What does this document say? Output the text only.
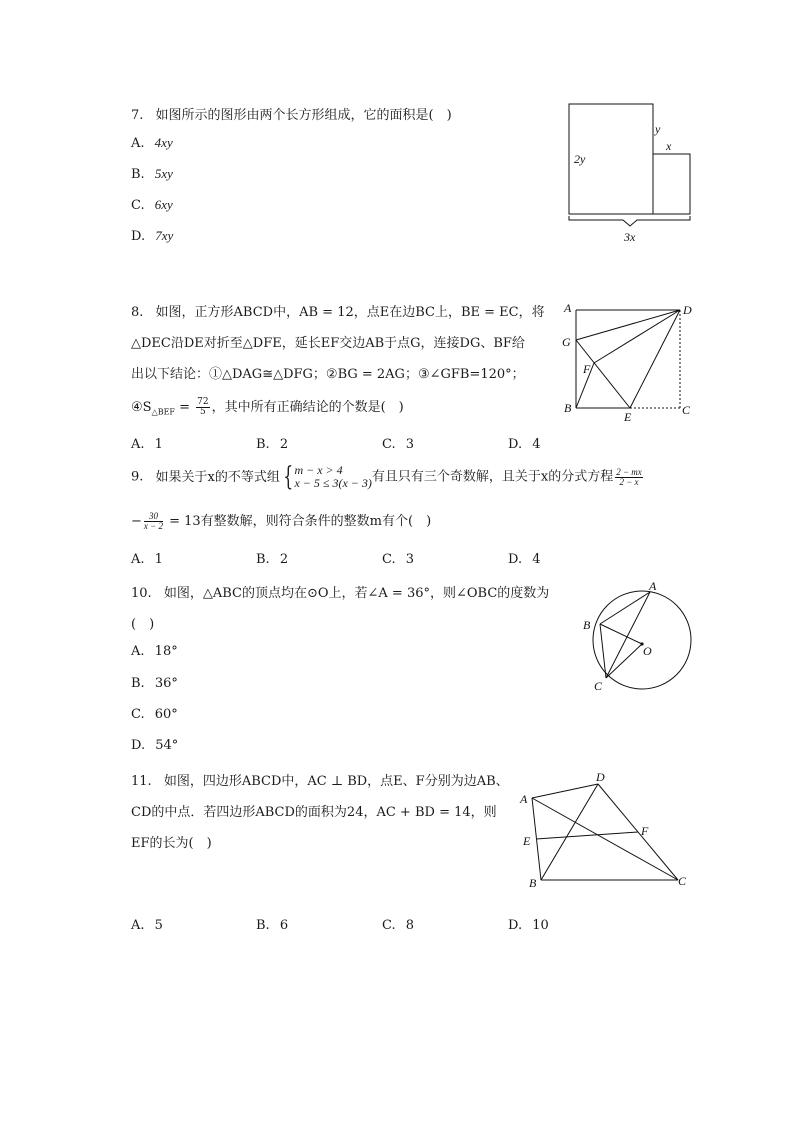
7. 如图所示的图形由两个长方形组成，它的面积是(　)
A. 4xy
B. 5xy
C. 6xy
D. 7xy
y
x
2y
3x
8. 如图，正方形ABCD中，AB = 12，点E在边BC上，BE = EC，将
△DEC沿DE对折至△DFE，延长EF交边AB于点G，连接DG、BF给
出以下结论：①△DAG≅△DFG；②BG = 2AG；③∠GFB=120°；
$④S_{\triangle BEF} = \frac{72}{5}$ ，其中所有正确结论的个数是(　)
A. 1	B. 2	C. 3	D. 4
A	D
G
F
B
E	C
9. 如果关于x的不等式组 { m − x > 4
x − 5 ≤ 3(x − 3) 有且只有三个奇数解，且关于x的分式方程 $\frac{2 - mx}{2 - x}$
− $\frac{30}{x - 2} = 13$有整数解，则符合条件的整数m有个(　)
A. 1	B. 2	C. 3	D. 4
10. 如图，△ABC的顶点均在⊙O上，若∠A = 36°，则∠OBC的度数为
(　)
A. 18°
B. 36°
C. 60°
D. 54°
A
B
O
C
11. 如图，四边形ABCD中，AC ⊥ BD，点E、F分别为边AB、
CD的中点．若四边形ABCD的面积为24，AC + BD = 14，则
EF的长为(　)
A. 5	B. 6	C. 8	D. 10
A
D
E
F
B	C
